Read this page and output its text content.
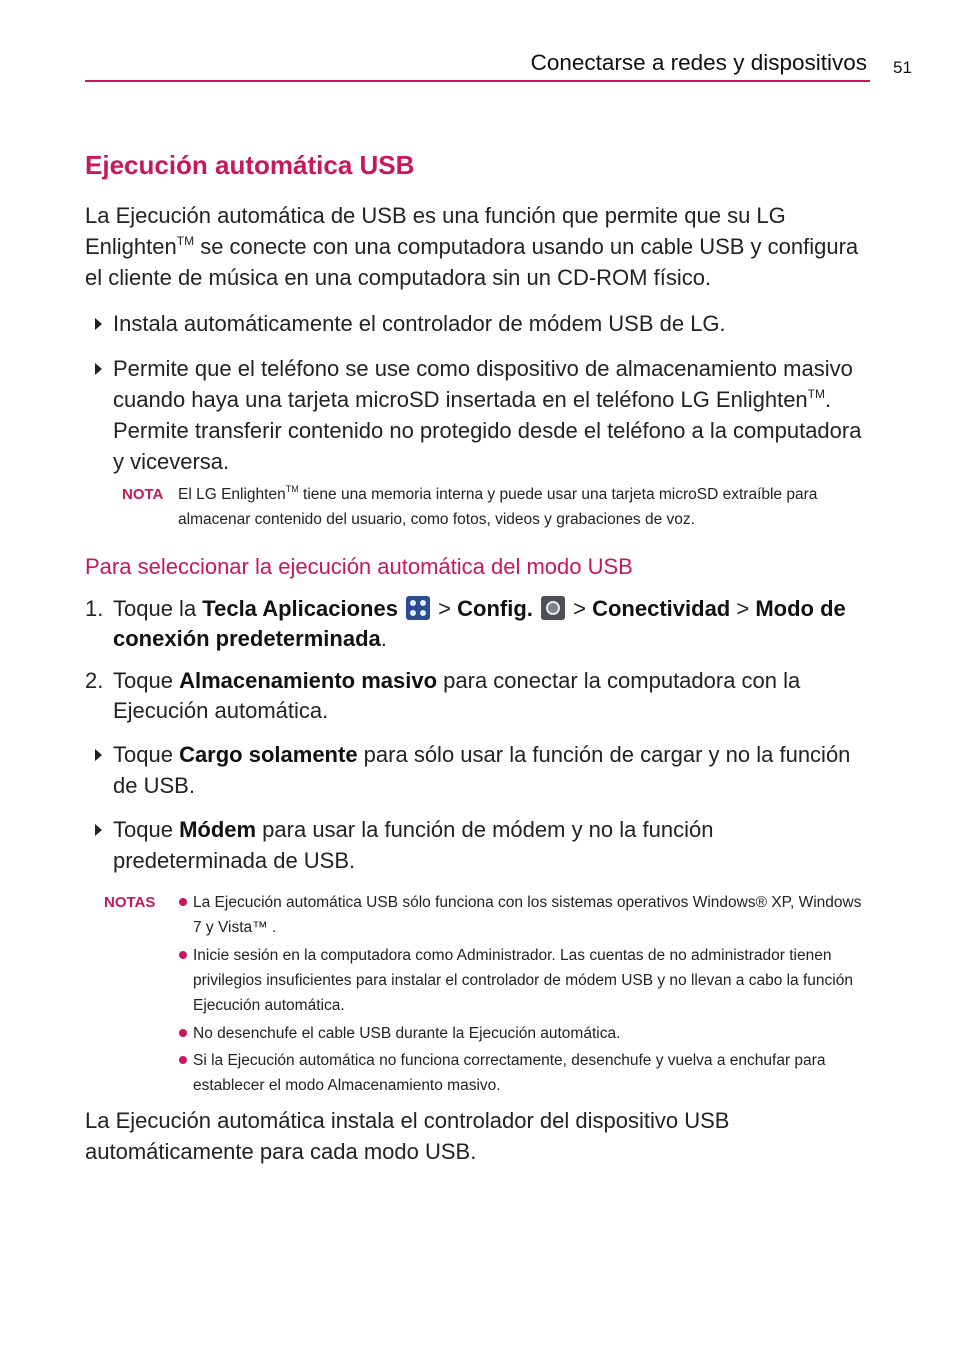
Conectarse a redes y dispositivos 51
Ejecución automática USB
La Ejecución automática de USB es una función que permite que su LG Enlighten™ se conecte con una computadora usando un cable USB y configura el cliente de música en una computadora sin un CD-ROM físico.
Instala automáticamente el controlador de módem USB de LG.
Permite que el teléfono se use como dispositivo de almacenamiento masivo cuando haya una tarjeta microSD insertada en el teléfono LG Enlighten™. Permite transferir contenido no protegido desde el teléfono a la computadora y viceversa.
NOTA El LG Enlighten™ tiene una memoria interna y puede usar una tarjeta microSD extraíble para almacenar contenido del usuario, como fotos, videos y grabaciones de voz.
Para seleccionar la ejecución automática del modo USB
1. Toque la Tecla Aplicaciones
> Config.  > Conectividad > Modo de conexión predeterminada.
2. Toque Almacenamiento masivo para conectar la computadora con la Ejecución automática.
Toque Cargo solamente para sólo usar la función de cargar y no la función de USB.
Toque Módem para usar la función de módem y no la función predeterminada de USB.
NOTAS La Ejecución automática USB sólo funciona con los sistemas operativos Windows® XP, Windows 7 y Vista™ .
Inicie sesión en la computadora como Administrador. Las cuentas de no administrador tienen privilegios insuficientes para instalar el controlador de módem USB y no llevan a cabo la función Ejecución automática.
No desenchufe el cable USB durante la Ejecución automática.
Si la Ejecución automática no funciona correctamente, desenchufe y vuelva a enchufar para establecer el modo Almacenamiento masivo.
La Ejecución automática instala el controlador del dispositivo USB automáticamente para cada modo USB.
